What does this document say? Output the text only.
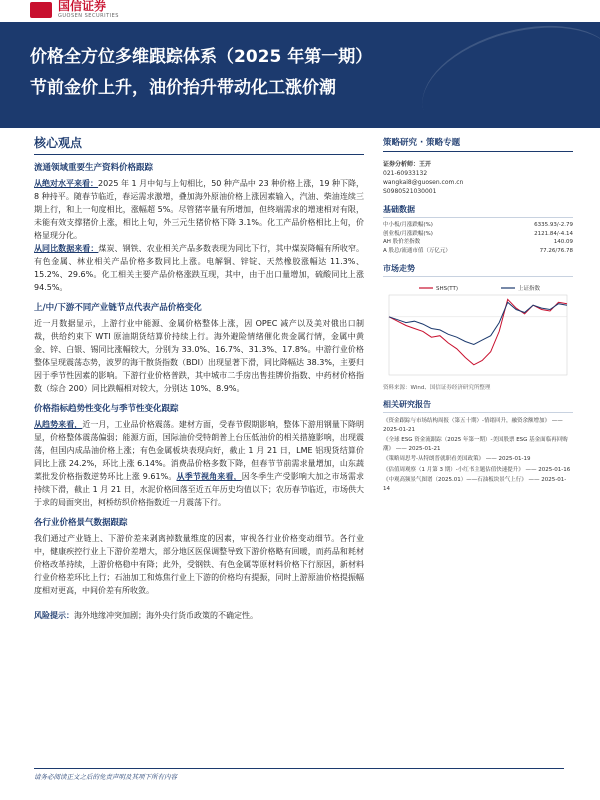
国信证券
GUOSEN SECURITIES
价格全方位多维跟踪体系（2025 年第一期）
节前金价上升，油价抬升带动化工涨价潮
核心观点
流通领域重要生产资料价格跟踪

从绝对水平来看：2025 年 1 月中旬与上旬相比，50 种产品中 23 种价格上涨，19 种下降，8 种持平。随春节临近，春运需求激增，叠加海外原油价格上涨因素输入，汽油、柴油连续三期上行，和上一旬度相比，涨幅超 5%。尽管猪宰量有所增加，但终端需求的增速相对有限，未能有效支撑猪价上涨，相比上旬，外三元生猪价格下降 3.1%。化工产品价格相比上旬，价格显现分化。

从同比数据来看：煤炭、钢铁、农业相关产品多数表现为同比下行，其中煤炭降幅有所收窄。有色金属、林业相关产品价格多数同比上涨。电解铜、锌锭、天然橡胶涨幅达 11.3%、15.2%、29.6%。化工相关主要产品价格涨跌互现，其中，由于出口量增加，硫酸同比上涨 94.5%。

上/中/下游不同产业链节点代表产品价格变化

近一月数据显示，上游行业中能源、金属价格整体上涨，因 OPEC 减产以及美对俄出口制裁，供给约束下 WTI 原油期货结算价持续上行。海外避险情绪催化贵金属行情，金属中黄金、锌、白银、锡同比涨幅较大，分别为 33.0%、16.7%、31.3%、17.8%。中游行业价格整体呈现震荡态势，波罗的海干散货指数（BDI）出现显著下滑，同比降幅达 38.3%，主要归因于季节性因素的影响。下游行业价格普跌，其中城市二手房出售挂牌价指数、中药材价格指数（综合 200）同比跌幅相对较大，分别达 10%、8.9%。

价格指标趋势性变化与季节性变化跟踪

从趋势来看，近一月，工业品价格震荡。建材方面，受春节假期影响，整体下游用钢量下降明显，价格整体震荡偏弱；能源方面，国际油价受特朗普上台压低油价的相关措施影响，出现震荡，但国内成品油价格上涨；有色金属板块表现向好，截止 1 月 21 日，LME 铝现货结算价同比上涨 24.2%，环比上涨 6.14%。消费品价格多数下降，但春节节前需求量增加，山东蔬菜批发价格指数逆势环比上涨 9.61%。从季节视角来看，因冬季生产受影响大加之市场需求持续下滑，截止 1 月 21 日，水泥价格回落至近五年历史均值以下；农历春节临近，市场供大于求的局面突出，柯桥纺织价格指数近一月震荡下行。

各行业价格景气数据跟踪

我们通过产业链上、下游价差来剥离掉数量维度的因素，审视各行业价格变动细节。各行业中，健康疾控行业上下游价差增大，部分地区医保调整导致下游价格略有回暖，而药品和耗材价格改革持续，上游价格稳中有降；此外，受钢铁、有色金属等原材料价格下行原因，新材料行业价格差环比上行；石油加工和炼焦行业上下游的价格均有提振，同时上游原油价格提振幅度相对更高，中间价差有所收敛。

风险提示：海外地缘冲突加剧；海外央行货币政策的不确定性。
策略研究 · 策略专题
证券分析师：王开
021-60933132
wangkai8@guosen.com.cn
S0980521030001
基础数据
中小板/月涨跌幅(%)	6335.93/-2.79
创业板/月涨跌幅(%)	2121.84/-4.14
AH 股价差指数	140.09
A 股总/流通市值（万亿元）	77.26/76.78
市场走势
SHS(TT)	上证指数
资料来源：Wind、国信证券经济研究所整理
相关研究报告
《资金跟踪与市场结构周报（第五十期）-情绪回升，融资余额增加》 —— 2025-01-21
《全球 ESG 资金流跟踪（2025 年第一期）-美国股票 ESG 基金面临再回购潮》 —— 2025-01-21
《策略周思考-从特朗普就职看美国政策》 —— 2025-01-19
《估值周观察（1 月第 3 期）-小红书主题估值快速提升》 —— 2025-01-16
《中观高频景气图谱（2025.01）——石油板块景气上行》 —— 2025-01-14
请务必阅读正文之后的免责声明及其项下所有内容
